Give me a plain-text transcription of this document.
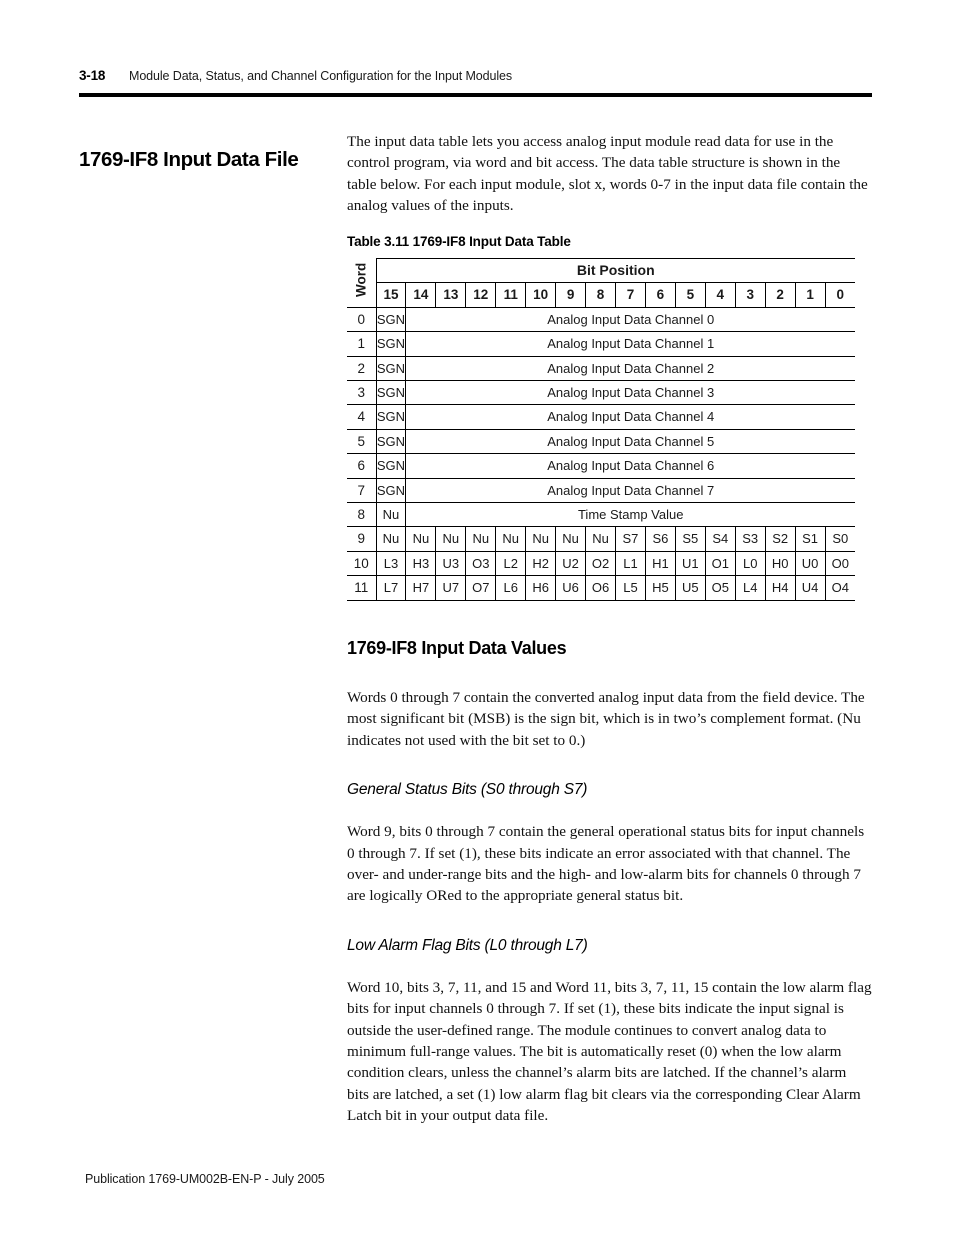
3-18	Module Data, Status, and Channel Configuration for the Input Modules
1769-IF8 Input Data File

The input data table lets you access analog input module read data for use in the control program, via word and bit access. The data table structure is shown in the table below. For each input module, slot x, words 0-7 in the input data file contain the analog values of the inputs.

Table 3.11 1769-IF8 Input Data Table
Word	Bit Position															
	15	14	13	12	11	10	9	8	7	6	5	4	3	2	1	0
0	SGN	Analog Input Data Channel 0														
1	SGN	Analog Input Data Channel 1														
2	SGN	Analog Input Data Channel 2														
3	SGN	Analog Input Data Channel 3														
4	SGN	Analog Input Data Channel 4														
5	SGN	Analog Input Data Channel 5														
6	SGN	Analog Input Data Channel 6														
7	SGN	Analog Input Data Channel 7														
8	Nu	Time Stamp Value														
9	Nu	Nu	Nu	Nu	Nu	Nu	Nu	Nu	S7	S6	S5	S4	S3	S2	S1	S0
10	L3	H3	U3	O3	L2	H2	U2	O2	L1	H1	U1	O1	L0	H0	U0	O0
11	L7	H7	U7	O7	L6	H6	U6	O6	L5	H5	U5	O5	L4	H4	U4	O4
1769-IF8 Input Data Values

Words 0 through 7 contain the converted analog input data from the field device. The most significant bit (MSB) is the sign bit, which is in two’s complement format. (Nu indicates not used with the bit set to 0.)

General Status Bits (S0 through S7)

Word 9, bits 0 through 7 contain the general operational status bits for input channels 0 through 7. If set (1), these bits indicate an error associated with that channel. The over- and under-range bits and the high- and low-alarm bits for channels 0 through 7 are logically ORed to the appropriate general status bit.

Low Alarm Flag Bits (L0 through L7)

Word 10, bits 3, 7, 11, and 15 and Word 11, bits 3, 7, 11, 15 contain the low alarm flag bits for input channels 0 through 7. If set (1), these bits indicate the input signal is outside the user-defined range. The module continues to convert analog data to minimum full-range values. The bit is automatically reset (0) when the low alarm condition clears, unless the channel’s alarm bits are latched. If the channel’s alarm bits are latched, a set (1) low alarm flag bit clears via the corresponding Clear Alarm Latch bit in your output data file.

Publication 1769-UM002B-EN-P - July 2005
